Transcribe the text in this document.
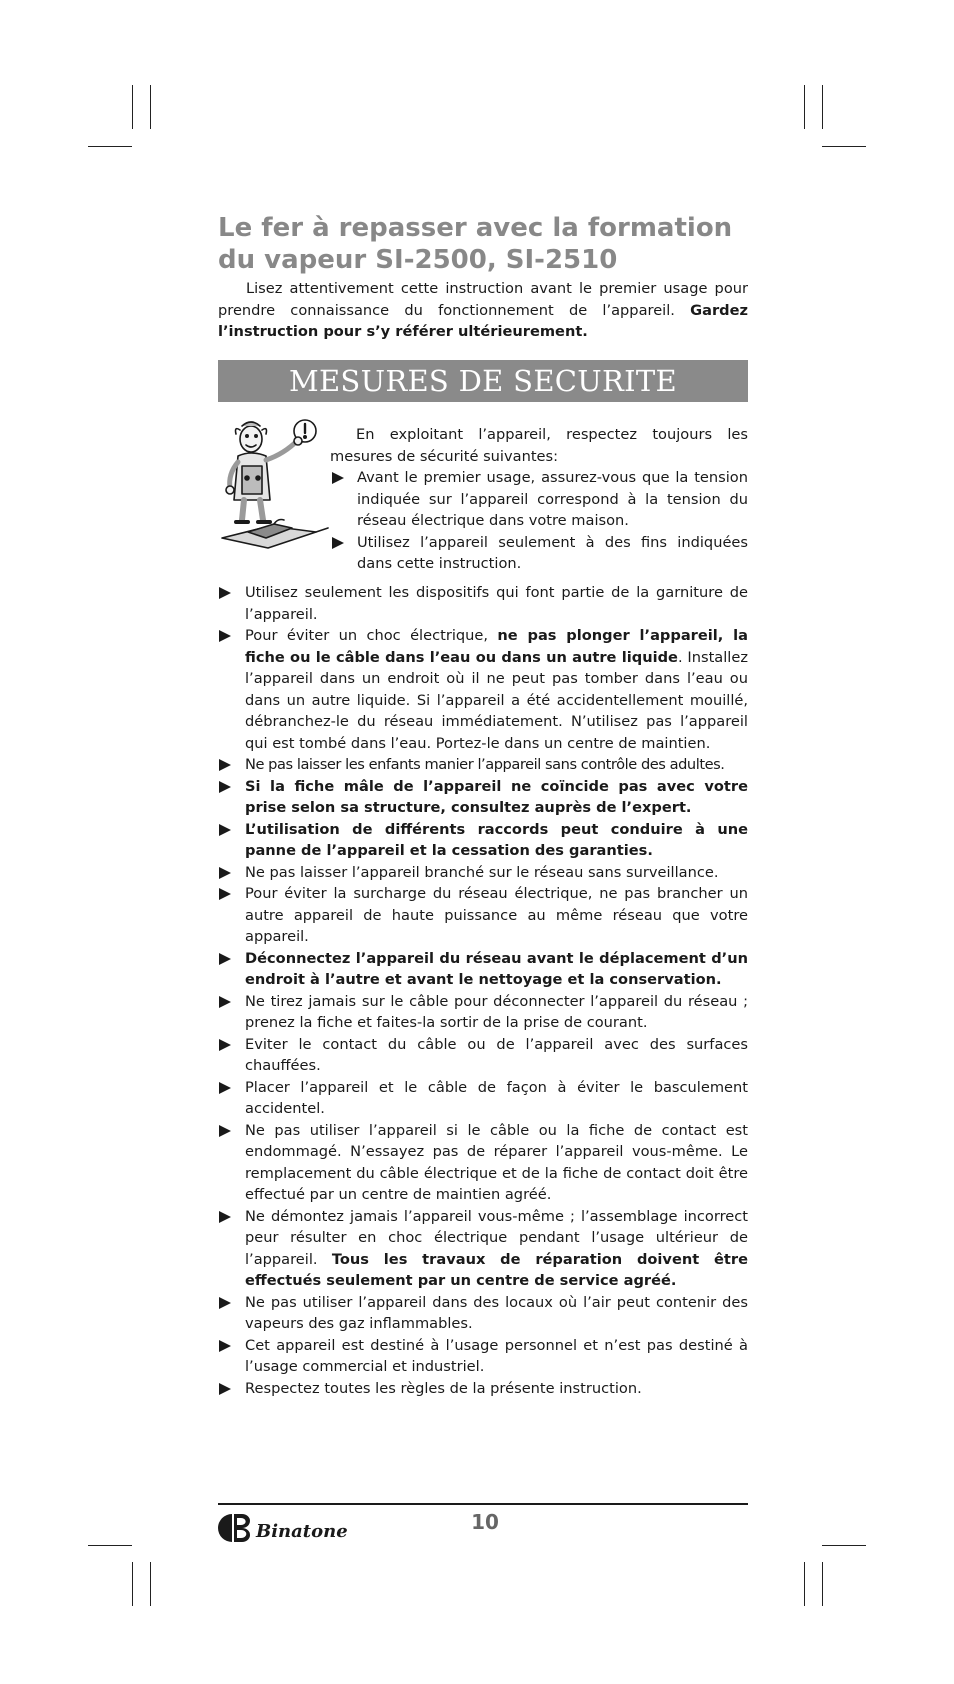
Le fer à repasser avec la formation du vapeur SI-2500, SI-2510

Lisez attentivement cette instruction avant le premier usage pour prendre connaissance du fonctionnement de l’appareil. Gardez l’instruction pour s’y référer ultérieurement.

MESURES DE SECURITE

En exploitant l’appareil, respectez toujours les mesures de sécurité suivantes:

Avant le premier usage, assurez-vous que la tension indiquée sur l’appareil correspond à la tension du réseau électrique dans votre maison.

Utilisez l’appareil seulement à des fins indiquées dans cette instruction.

Utilisez seulement les dispositifs qui font partie de la garniture de l’appareil.
Pour éviter un choc électrique, ne pas plonger l’appareil, la fiche ou le câble dans l’eau ou dans un autre liquide. Installez l’appareil dans un endroit où il ne peut pas tomber dans l’eau ou dans un autre liquide. Si l’appareil a été accidentellement mouillé, débranchez-le du réseau immédiatement. N’utilisez pas l’appareil qui est tombé dans l’eau. Portez-le dans un centre de maintien.
Ne pas laisser les enfants manier l’appareil sans contrôle des adultes.
Si la fiche mâle de l’appareil ne coïncide pas avec votre prise selon sa structure, consultez auprès de l’expert.
L’utilisation de différents raccords peut conduire à une panne de l’appareil et la cessation des garanties.
Ne pas laisser l’appareil branché sur le réseau sans surveillance.
Pour éviter la surcharge du réseau électrique, ne pas brancher un autre appareil de haute puissance au même réseau que votre appareil.
Déconnectez l’appareil du réseau avant le déplacement d’un endroit à l’autre et avant le nettoyage et la conservation.
Ne tirez jamais sur le câble pour déconnecter l’appareil du réseau ; prenez la fiche et faites-la sortir de la prise de courant.
Eviter le contact du câble ou de l’appareil avec des surfaces chauffées.
Placer l’appareil et le câble de façon à éviter le basculement accidentel.
Ne pas utiliser l’appareil si le câble ou la fiche de contact est endommagé. N’essayez pas de réparer l’appareil vous-même. Le remplacement du câble électrique et de la fiche de contact doit être effectué par un centre de maintien agréé.
Ne démontez jamais l’appareil vous-même ; l’assemblage incorrect peur résulter en choc électrique pendant l’usage ultérieur de l’appareil. Tous les travaux de réparation doivent être effectués seulement par un centre de service agréé.
Ne pas utiliser l’appareil dans des locaux où l’air peut contenir des vapeurs des gaz inflammables.
Cet appareil est destiné à l’usage personnel et n’est pas destiné à l’usage commercial et industriel.
Respectez toutes les règles de la présente instruction.
Binatone	10
